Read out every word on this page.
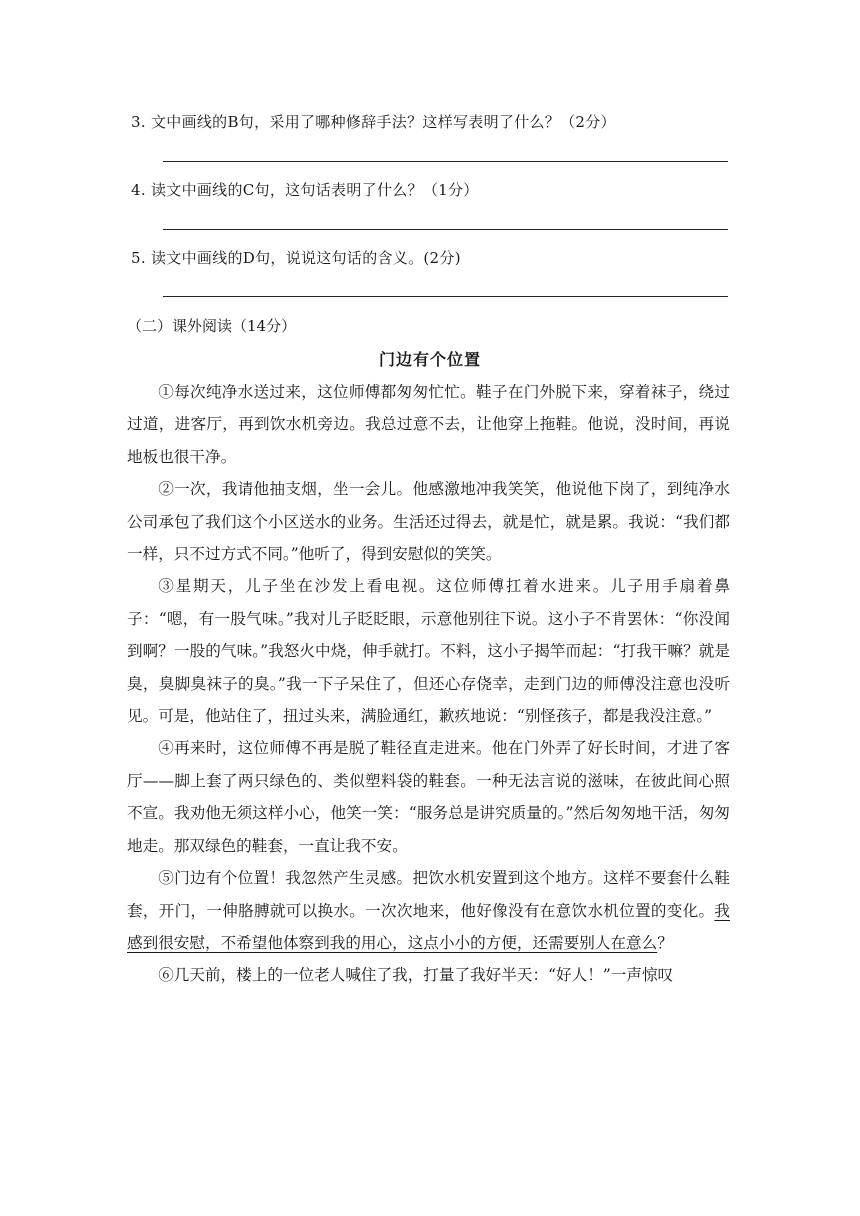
3. 文中画线的B句，采用了哪种修辞手法？这样写表明了什么？（2分）
4. 读文中画线的C句，这句话表明了什么？（1分）
5. 读文中画线的D句，说说这句话的含义。(2分)
（二）课外阅读（14分）
门边有个位置

①每次纯净水送过来，这位师傅都匆匆忙忙。鞋子在门外脱下来，穿着袜子，绕过过道，进客厅，再到饮水机旁边。我总过意不去，让他穿上拖鞋。他说，没时间，再说地板也很干净。

②一次，我请他抽支烟，坐一会儿。他感激地冲我笑笑，他说他下岗了，到纯净水公司承包了我们这个小区送水的业务。生活还过得去，就是忙，就是累。我说：“我们都一样，只不过方式不同。”他听了，得到安慰似的笑笑。

③星期天，儿子坐在沙发上看电视。这位师傅扛着水进来。儿子用手扇着鼻子：“嗯，有一股气味。”我对儿子眨眨眼，示意他别往下说。这小子不肯罢休：“你没闻到啊？一股的气味。”我怒火中烧，伸手就打。不料，这小子揭竿而起：“打我干嘛？就是臭，臭脚臭袜子的臭。”我一下子呆住了，但还心存侥幸，走到门边的师傅没注意也没听见。可是，他站住了，扭过头来，满脸通红，歉疚地说：“别怪孩子，都是我没注意。”

④再来时，这位师傅不再是脱了鞋径直走进来。他在门外弄了好长时间，才进了客厅——脚上套了两只绿色的、类似塑料袋的鞋套。一种无法言说的滋味，在彼此间心照不宣。我劝他无须这样小心，他笑一笑：“服务总是讲究质量的。”然后匆匆地干活，匆匆地走。那双绿色的鞋套，一直让我不安。

⑤门边有个位置！我忽然产生灵感。把饮水机安置到这个地方。这样不要套什么鞋套，开门，一伸胳膊就可以换水。一次次地来，他好像没有在意饮水机位置的变化。我感到很安慰，不希望他体察到我的用心，这点小小的方便，还需要别人在意么？

⑥几天前，楼上的一位老人喊住了我，打量了我好半天：“好人！”一声惊叹
